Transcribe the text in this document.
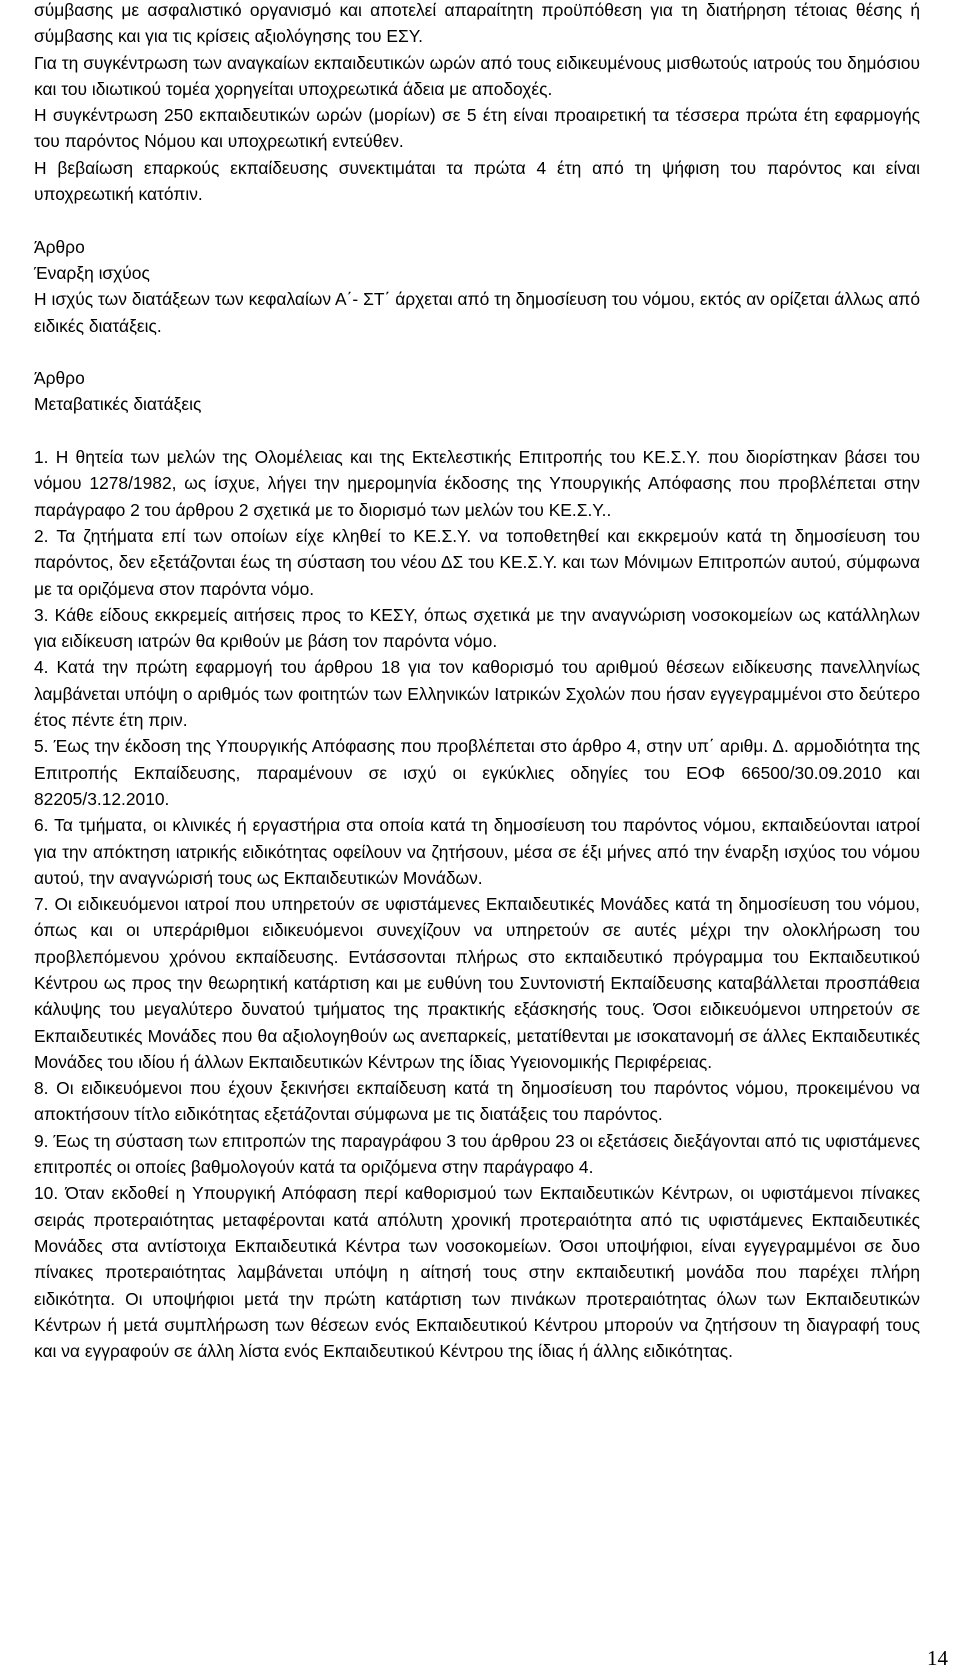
σύμβασης με ασφαλιστικό οργανισμό και αποτελεί απαραίτητη προϋπόθεση για τη διατήρηση τέτοιας θέσης ή σύμβασης και για τις κρίσεις αξιολόγησης του ΕΣΥ.

Για τη συγκέντρωση των αναγκαίων εκπαιδευτικών ωρών από τους ειδικευμένους μισθωτούς ιατρούς του δημόσιου και του ιδιωτικού τομέα χορηγείται υποχρεωτικά άδεια με αποδοχές.

Η συγκέντρωση 250 εκπαιδευτικών ωρών (μορίων) σε 5 έτη είναι προαιρετική τα τέσσερα πρώτα έτη εφαρμογής του παρόντος Νόμου και υποχρεωτική εντεύθεν.

Η βεβαίωση επαρκούς εκπαίδευσης συνεκτιμάται τα πρώτα 4 έτη από τη ψήφιση του παρόντος και είναι υποχρεωτική κατόπιν.

Άρθρο

Έναρξη ισχύος

Η ισχύς των διατάξεων των κεφαλαίων Α΄- ΣΤ΄ άρχεται από τη δημοσίευση του νόμου, εκτός αν ορίζεται άλλως από ειδικές διατάξεις.

Άρθρο

Μεταβατικές διατάξεις

1. Η θητεία των μελών της Ολομέλειας και της Εκτελεστικής Επιτροπής του ΚΕ.Σ.Υ. που διορίστηκαν βάσει του νόμου 1278/1982, ως ίσχυε, λήγει την ημερομηνία έκδοσης της Υπουργικής Απόφασης που προβλέπεται στην παράγραφο 2 του άρθρου 2 σχετικά με το διορισμό των μελών του ΚΕ.Σ.Υ..

2. Τα ζητήματα επί των οποίων είχε κληθεί το ΚΕ.Σ.Υ. να τοποθετηθεί και εκκρεμούν κατά τη δημοσίευση του παρόντος, δεν εξετάζονται έως τη σύσταση του νέου ΔΣ του ΚΕ.Σ.Υ. και των Μόνιμων Επιτροπών αυτού, σύμφωνα με τα οριζόμενα στον παρόντα νόμο.

3. Κάθε είδους εκκρεμείς αιτήσεις προς το ΚΕΣΥ, όπως σχετικά με την αναγνώριση νοσοκομείων ως κατάλληλων για ειδίκευση ιατρών θα κριθούν με βάση τον παρόντα νόμο.

4. Κατά την πρώτη εφαρμογή του άρθρου 18 για τον καθορισμό του αριθμού θέσεων ειδίκευσης πανελληνίως λαμβάνεται υπόψη ο αριθμός των φοιτητών των Ελληνικών Ιατρικών Σχολών που ήσαν εγγεγραμμένοι στο δεύτερο έτος πέντε έτη πριν.

5. Έως την έκδοση της Υπουργικής Απόφασης που προβλέπεται στο άρθρο 4, στην υπ΄ αριθμ. Δ. αρμοδιότητα της Επιτροπής Εκπαίδευσης, παραμένουν σε ισχύ οι εγκύκλιες οδηγίες του ΕΟΦ 66500/30.09.2010 και 82205/3.12.2010.

6. Τα τμήματα, οι κλινικές ή εργαστήρια στα οποία κατά τη δημοσίευση του παρόντος νόμου, εκπαιδεύονται ιατροί για την απόκτηση ιατρικής ειδικότητας οφείλουν να ζητήσουν, μέσα σε έξι μήνες από την έναρξη ισχύος του νόμου αυτού, την αναγνώρισή τους ως Εκπαιδευτικών Μονάδων.

7. Οι ειδικευόμενοι ιατροί που υπηρετούν σε υφιστάμενες Εκπαιδευτικές Μονάδες κατά τη δημοσίευση του νόμου, όπως και οι υπεράριθμοι ειδικευόμενοι συνεχίζουν να υπηρετούν σε αυτές μέχρι την ολοκλήρωση του προβλεπόμενου χρόνου εκπαίδευσης. Εντάσσονται πλήρως στο εκπαιδευτικό πρόγραμμα του Εκπαιδευτικού Κέντρου ως προς την θεωρητική κατάρτιση και με ευθύνη του Συντονιστή Εκπαίδευσης καταβάλλεται προσπάθεια κάλυψης του μεγαλύτερο δυνατού τμήματος της πρακτικής εξάσκησής τους. Όσοι ειδικευόμενοι υπηρετούν σε Εκπαιδευτικές Μονάδες που θα αξιολογηθούν ως ανεπαρκείς, μετατίθενται με ισοκατανομή σε άλλες Εκπαιδευτικές Μονάδες του ιδίου ή άλλων Εκπαιδευτικών Κέντρων της ίδιας Υγειονομικής Περιφέρειας.

8. Οι ειδικευόμενοι που έχουν ξεκινήσει εκπαίδευση κατά τη δημοσίευση του παρόντος νόμου, προκειμένου να αποκτήσουν τίτλο ειδικότητας εξετάζονται σύμφωνα με τις διατάξεις του παρόντος.

9. Έως τη σύσταση των επιτροπών της παραγράφου 3 του άρθρου 23 οι εξετάσεις διεξάγονται από τις υφιστάμενες επιτροπές οι οποίες βαθμολογούν κατά τα οριζόμενα στην παράγραφο 4.

10. Όταν εκδοθεί η Υπουργική Απόφαση περί καθορισμού των Εκπαιδευτικών Κέντρων, οι υφιστάμενοι πίνακες σειράς προτεραιότητας μεταφέρονται κατά απόλυτη χρονική προτεραιότητα από τις υφιστάμενες Εκπαιδευτικές Μονάδες στα αντίστοιχα Εκπαιδευτικά Κέντρα των νοσοκομείων. Όσοι υποψήφιοι, είναι εγγεγραμμένοι σε δυο πίνακες προτεραιότητας λαμβάνεται υπόψη η αίτησή τους στην εκπαιδευτική μονάδα που παρέχει πλήρη ειδικότητα. Οι υποψήφιοι μετά την πρώτη κατάρτιση των πινάκων προτεραιότητας όλων των Εκπαιδευτικών Κέντρων ή μετά συμπλήρωση των θέσεων ενός Εκπαιδευτικού Κέντρου μπορούν να ζητήσουν τη διαγραφή τους και να εγγραφούν σε άλλη λίστα ενός Εκπαιδευτικού Κέντρου της ίδιας ή άλλης ειδικότητας.

14
